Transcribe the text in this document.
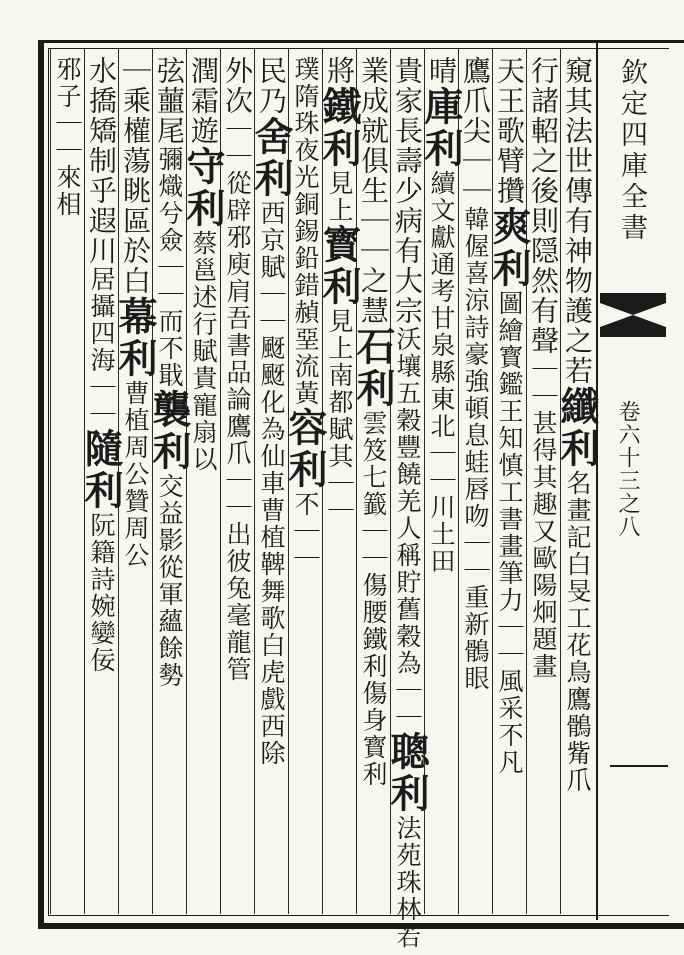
欽定四庫全書
卷六十三之八
窺其法世傳有神物護之若纖利名畫記白旻工花鳥鷹鶻觜爪
行諸軺之後則隠然有聲｜｜甚得其趣又歐陽炯題畫
天王歌臂攢爽利圖繪寳鑑王知慎工書畫筆力｜｜風采不凡
鷹爪尖｜｜韓偓喜涼詩豪強頓息蛙唇吻｜｜重新鶻眼
晴庫利續文獻通考甘泉縣東北｜｜川土田
貴家長壽少病有大宗沃壤五穀豐饒羌人稱貯舊穀為｜｜聰利法苑珠林若
業成就俱生｜｜之慧石利雲笈七籖｜｜傷腰鐵利傷身寳利
將鐵利見上寳利見上南都賦其｜｜
璞隋珠夜光銅錫鉛錯赬堊流黃容利不｜｜
民乃舍利西京賦｜｜颬颬化為仙車曹植鞞舞歌白虎戲西除
外次｜｜從辟邪庾肩吾書品論鷹爪｜｜出彼兔毫龍管
潤霜遊守利蔡邕述行賦貴寵扇以
弦蘁尾彌熾兮僉｜｜而不戢襲利交益影從軍蘊餘勢
｜乘權蕩眺區於白幕利曹植周公贊周公
水撟矯制乎遐川居攝四海｜｜隨利阮籍詩婉孌佞
邪子｜｜來相
